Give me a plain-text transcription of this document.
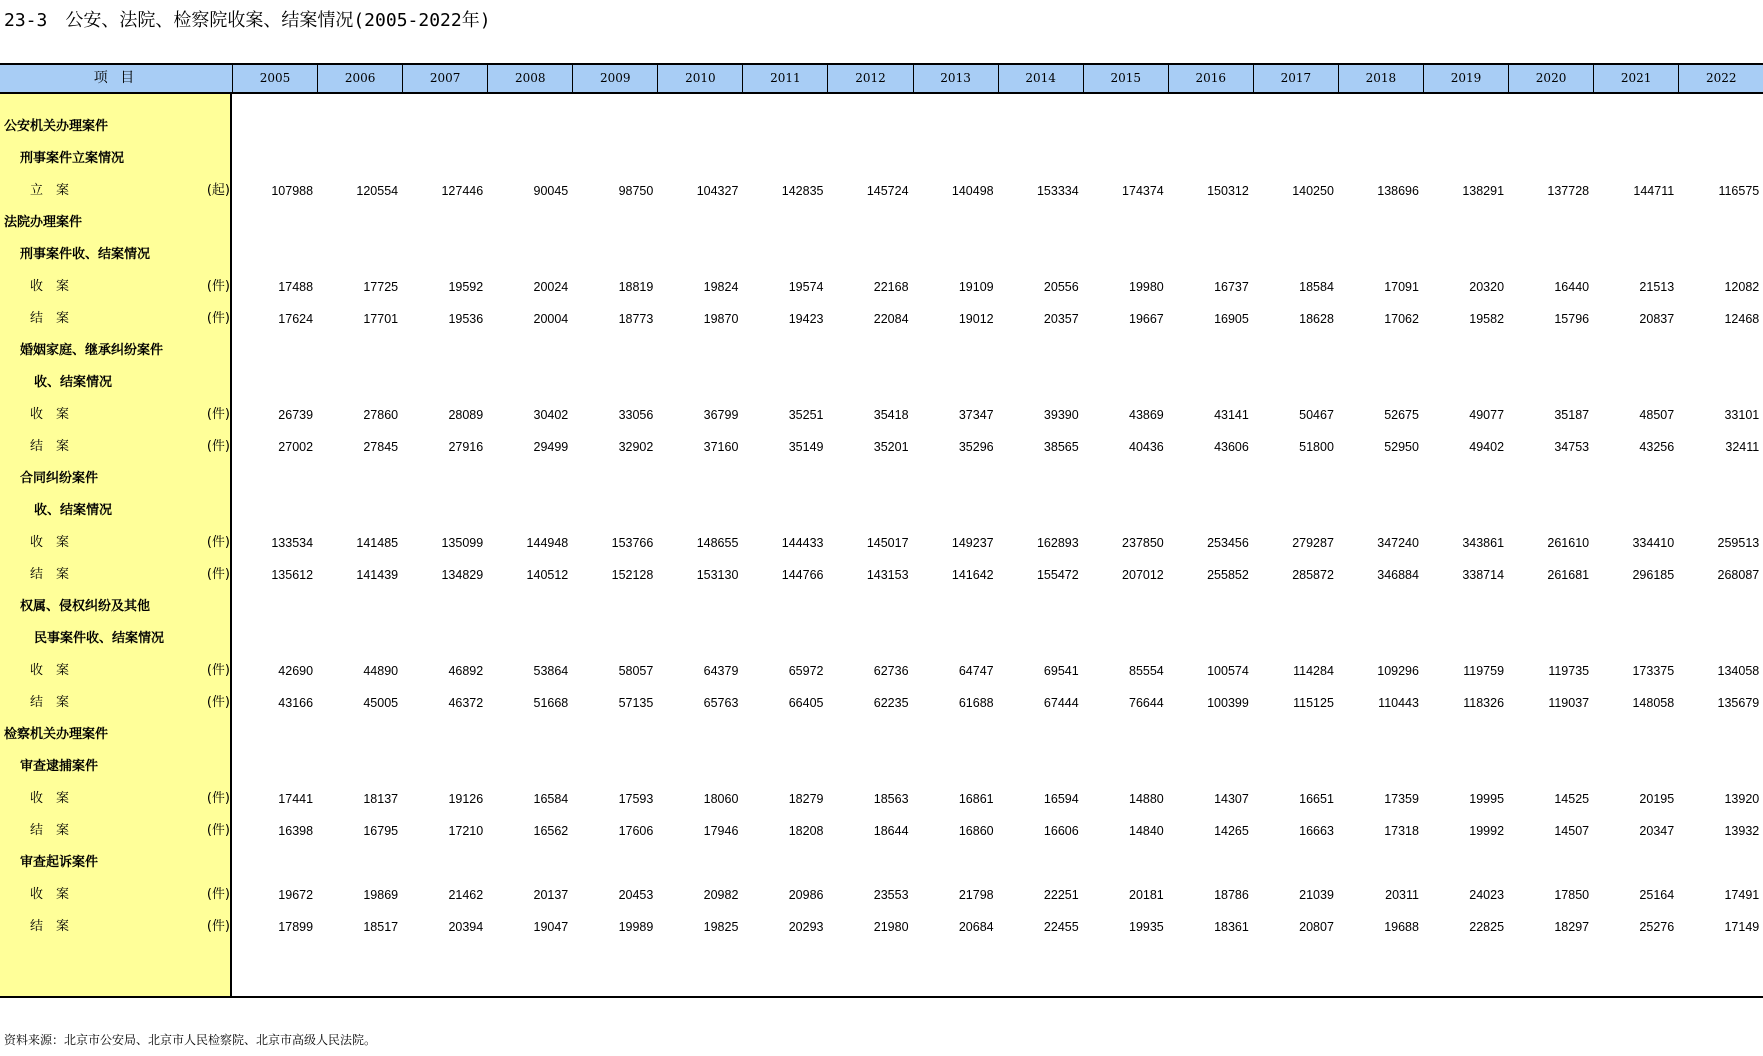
23-3　公安、法院、检察院收案、结案情况(2005-2022年)
项 目	2005	2006	2007	2008	2009	2010	2011	2012	2013	2014	2015	2016	2017	2018	2019	2020	2021	2022
公安机关办理案件
刑事案件立案情况
立　案	(起)	107988	120554	127446	90045	98750	104327	142835	145724	140498	153334	174374	150312	140250	138696	138291	137728	144711	116575
法院办理案件
刑事案件收、结案情况
收　案	(件)	17488	17725	19592	20024	18819	19824	19574	22168	19109	20556	19980	16737	18584	17091	20320	16440	21513	12082
结　案	(件)	17624	17701	19536	20004	18773	19870	19423	22084	19012	20357	19667	16905	18628	17062	19582	15796	20837	12468
婚姻家庭、继承纠纷案件
收、结案情况
收　案	(件)	26739	27860	28089	30402	33056	36799	35251	35418	37347	39390	43869	43141	50467	52675	49077	35187	48507	33101
结　案	(件)	27002	27845	27916	29499	32902	37160	35149	35201	35296	38565	40436	43606	51800	52950	49402	34753	43256	32411
合同纠纷案件
收、结案情况
收　案	(件)	133534	141485	135099	144948	153766	148655	144433	145017	149237	162893	237850	253456	279287	347240	343861	261610	334410	259513
结　案	(件)	135612	141439	134829	140512	152128	153130	144766	143153	141642	155472	207012	255852	285872	346884	338714	261681	296185	268087
权属、侵权纠纷及其他
民事案件收、结案情况
收　案	(件)	42690	44890	46892	53864	58057	64379	65972	62736	64747	69541	85554	100574	114284	109296	119759	119735	173375	134058
结　案	(件)	43166	45005	46372	51668	57135	65763	66405	62235	61688	67444	76644	100399	115125	110443	118326	119037	148058	135679
检察机关办理案件
审查逮捕案件
收　案	(件)	17441	18137	19126	16584	17593	18060	18279	18563	16861	16594	14880	14307	16651	17359	19995	14525	20195	13920
结　案	(件)	16398	16795	17210	16562	17606	17946	18208	18644	16860	16606	14840	14265	16663	17318	19992	14507	20347	13932
审查起诉案件
收　案	(件)	19672	19869	21462	20137	20453	20982	20986	23553	21798	22251	20181	18786	21039	20311	24023	17850	25164	17491
结　案	(件)	17899	18517	20394	19047	19989	19825	20293	21980	20684	22455	19935	18361	20807	19688	22825	18297	25276	17149
资料来源：北京市公安局、北京市人民检察院、北京市高级人民法院。
